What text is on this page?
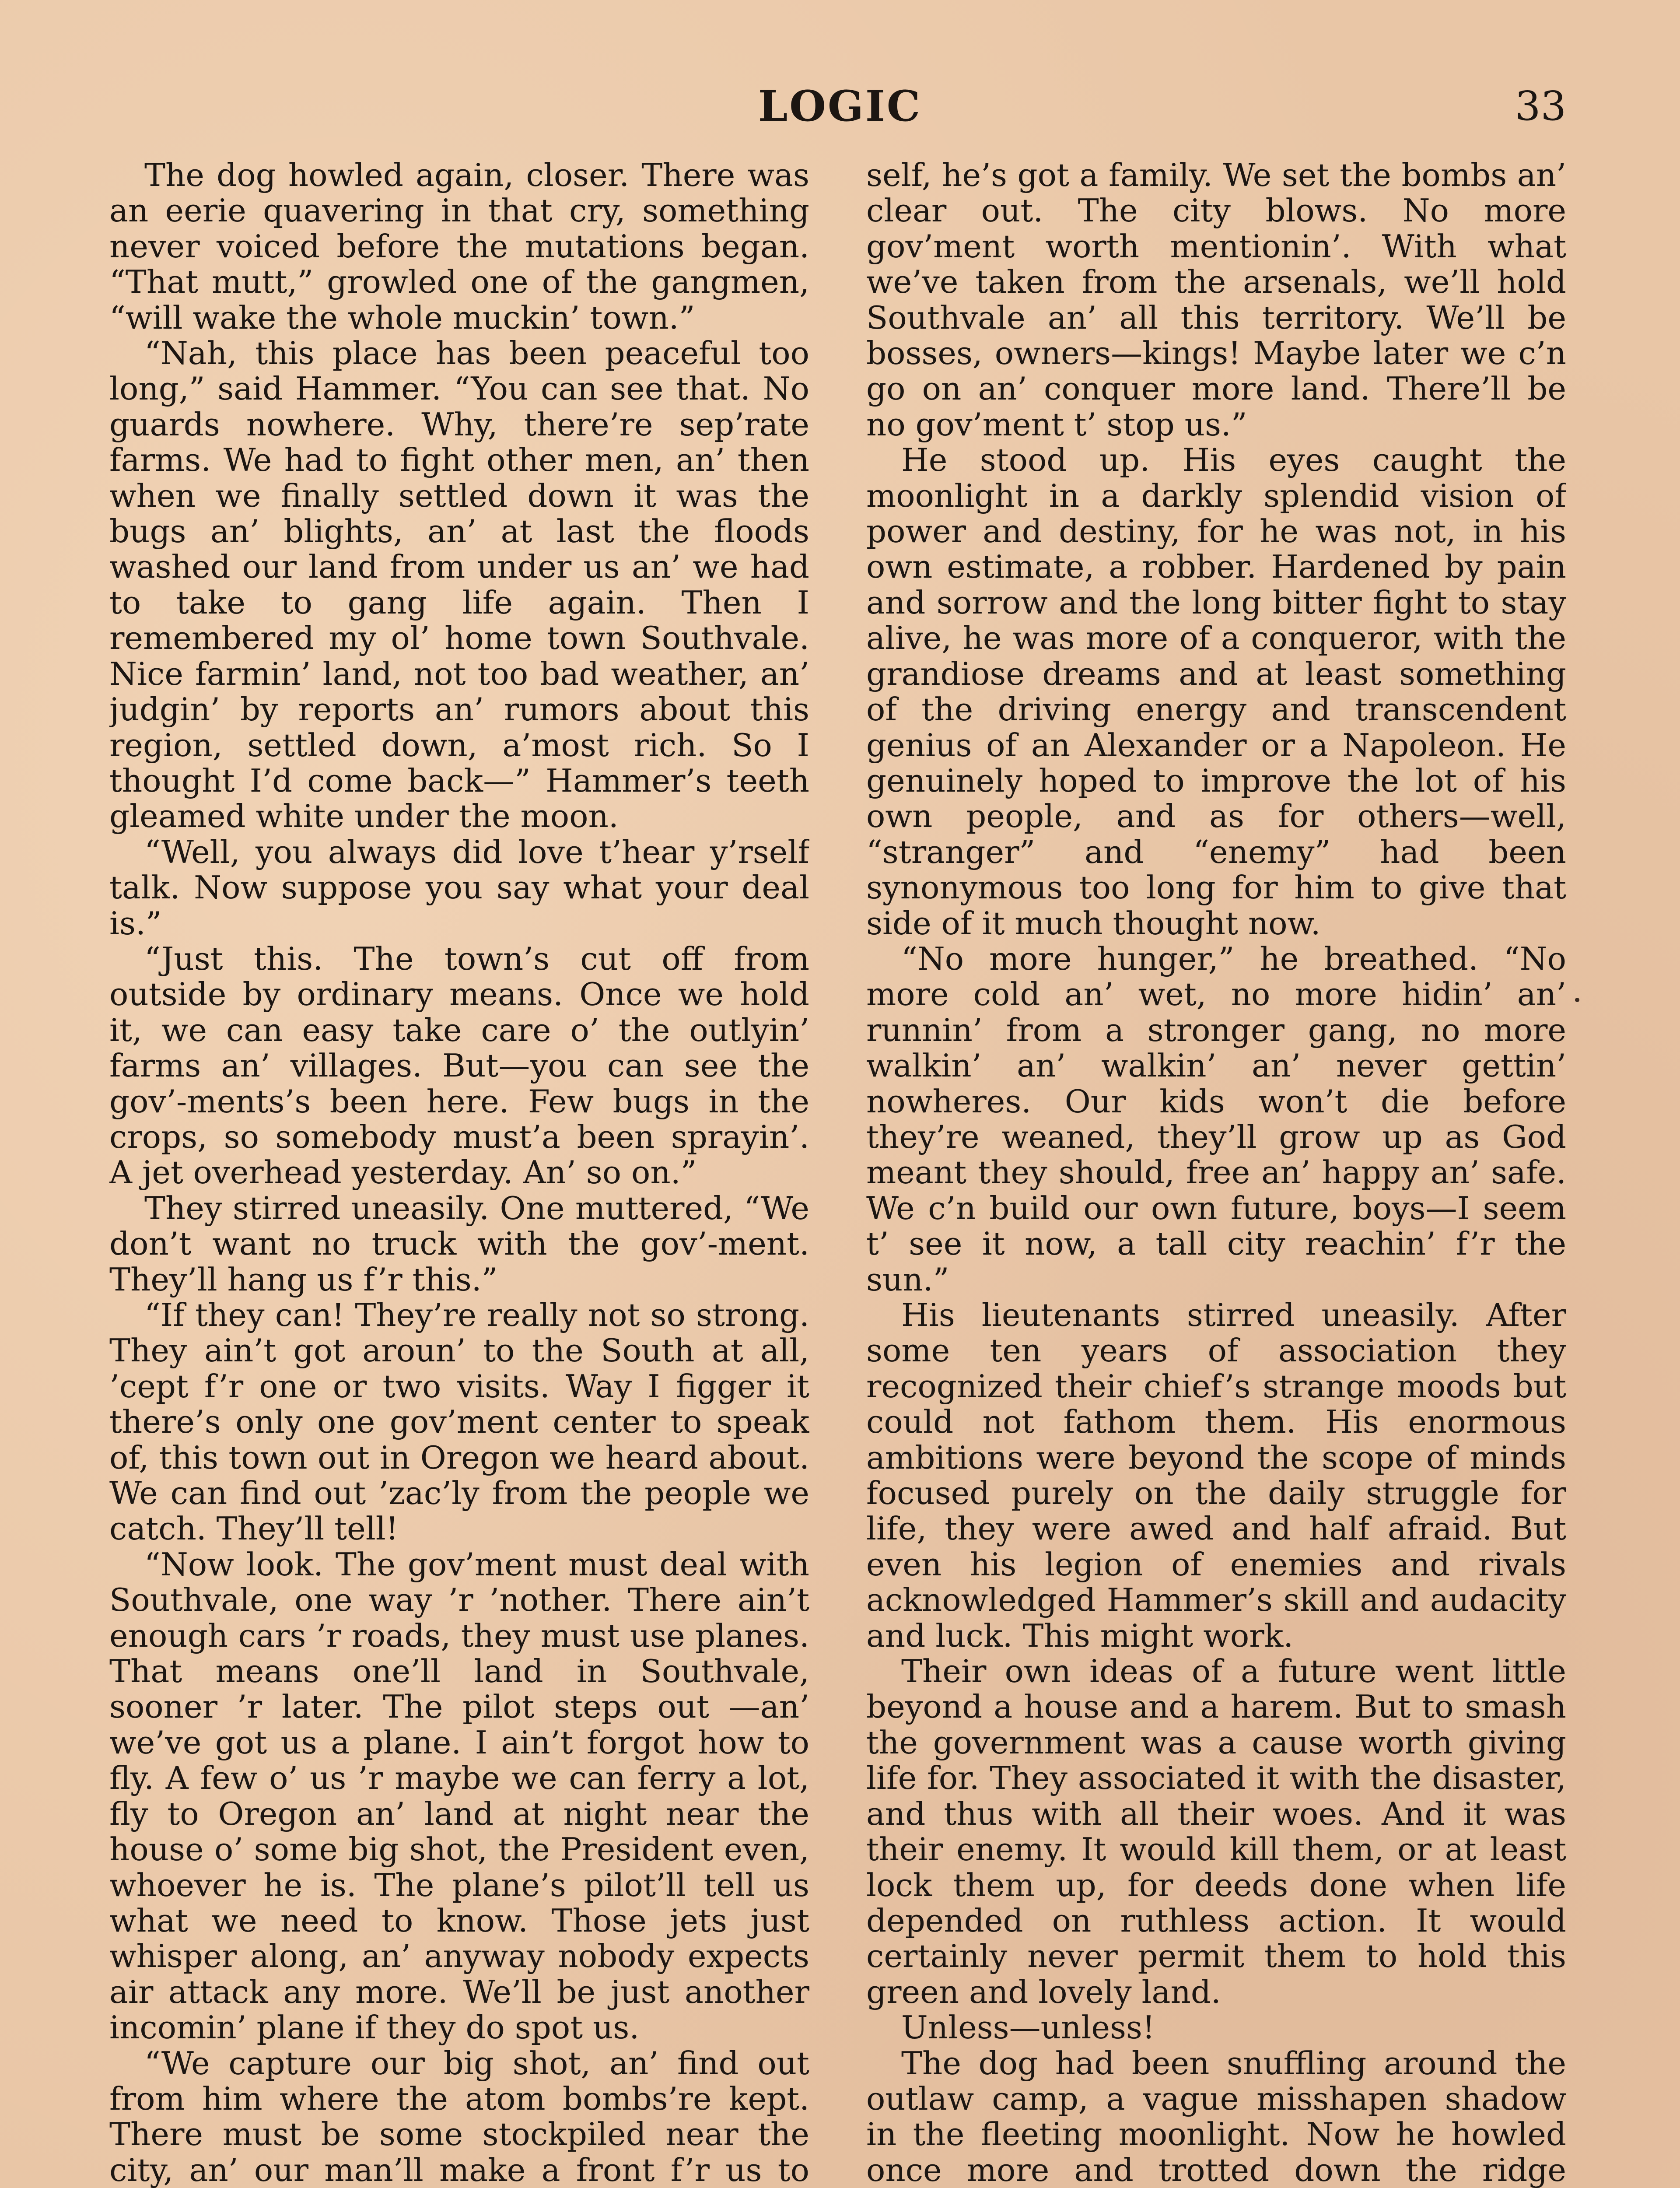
LOGIC	33

The dog howled again, closer. There was an eerie quavering in that cry, something never voiced before the mutations began. “That mutt,” growled one of the gangmen, “will wake the whole muckin’ town.”

“Nah, this place has been peaceful too long,” said Hammer. “You can see that. No guards nowhere. Why, there’re sep’rate farms. We had to fight other men, an’ then when we finally settled down it was the bugs an’ blights, an’ at last the floods washed our land from under us an’ we had to take to gang life again. Then I remembered my ol’ home town Southvale. Nice farmin’ land, not too bad weather, an’ judgin’ by reports an’ rumors about this region, settled down, a’most rich. So I thought I’d come back—” Hammer’s teeth gleamed white under the moon.

“Well, you always did love t’hear y’rself talk. Now suppose you say what your deal is.”

“Just this. The town’s cut off from outside by ordinary means. Once we hold it, we can easy take care o’ the outlyin’ farms an’ villages. But—you can see the gov’-ments’s been here. Few bugs in the crops, so somebody must’a been sprayin’. A jet overhead yesterday. An’ so on.”

They stirred uneasily. One muttered, “We don’t want no truck with the gov’-ment. They’ll hang us f’r this.”

“If they can! They’re really not so strong. They ain’t got aroun’ to the South at all, ’cept f’r one or two visits. Way I figger it there’s only one gov’ment center to speak of, this town out in Oregon we heard about. We can find out ’zac’ly from the people we catch. They’ll tell!

“Now look. The gov’ment must deal with Southvale, one way ’r ’nother. There ain’t enough cars ’r roads, they must use planes. That means one’ll land in Southvale, sooner ’r later. The pilot steps out —an’ we’ve got us a plane. I ain’t forgot how to fly. A few o’ us ’r maybe we can ferry a lot, fly to Oregon an’ land at night near the house o’ some big shot, the President even, whoever he is. The plane’s pilot’ll tell us what we need to know. Those jets just whisper along, an’ anyway nobody expects air attack any more. We’ll be just another incomin’ plane if they do spot us.

“We capture our big shot, an’ find out from him where the atom bombs’re kept. There must be some stockpiled near the city, an’ our man’ll make a front f’r us to

self, he’s got a family. We set the bombs an’ clear out. The city blows. No more gov’ment worth mentionin’. With what we’ve taken from the arsenals, we’ll hold Southvale an’ all this territory. We’ll be bosses, owners—kings! Maybe later we c’n go on an’ conquer more land. There’ll be no gov’ment t’ stop us.”

He stood up. His eyes caught the moonlight in a darkly splendid vision of power and destiny, for he was not, in his own estimate, a robber. Hardened by pain and sorrow and the long bitter fight to stay alive, he was more of a conqueror, with the grandiose dreams and at least something of the driving energy and transcendent genius of an Alexander or a Napoleon. He genuinely hoped to improve the lot of his own people, and as for others—well, “stranger” and “enemy” had been synonymous too long for him to give that side of it much thought now.

“No more hunger,” he breathed. “No more cold an’ wet, no more hidin’ an’ runnin’ from a stronger gang, no more walkin’ an’ walkin’ an’ never gettin’ nowheres. Our kids won’t die before they’re weaned, they’ll grow up as God meant they should, free an’ happy an’ safe. We c’n build our own future, boys—I seem t’ see it now, a tall city reachin’ f’r the sun.”

His lieutenants stirred uneasily. After some ten years of association they recognized their chief’s strange moods but could not fathom them. His enormous ambitions were beyond the scope of minds focused purely on the daily struggle for life, they were awed and half afraid. But even his legion of enemies and rivals acknowledged Hammer’s skill and audacity and luck. This might work.

Their own ideas of a future went little beyond a house and a harem. But to smash the government was a cause worth giving life for. They associated it with the disaster, and thus with all their woes. And it was their enemy. It would kill them, or at least lock them up, for deeds done when life depended on ruthless action. It would certainly never permit them to hold this green and lovely land.

Unless—unless!

The dog had been snuffling around the outlaw camp, a vague misshapen shadow in the fleeting moonlight. Now he howled once more and trotted down the ridge
